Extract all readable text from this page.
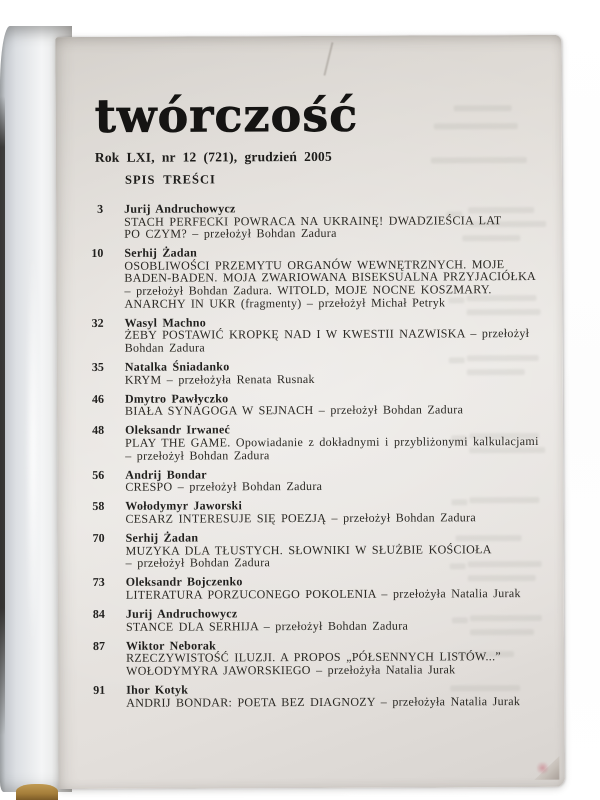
twórczość
Rok LXI, nr 12 (721), grudzień 2005
SPIS TREŚCI
3 Jurij Andruchowycz
STACH PERFECKI POWRACA NA UKRAINĘ! DWADZIEŚCIA LAT
PO CZYM? – przełożył Bohdan Zadura
10 Serhij Żadan
OSOBLIWOŚCI PRZEMYTU ORGANÓW WEWNĘTRZNYCH. MOJE
BADEN-BADEN. MOJA ZWARIOWANA BISEKSUALNA PRZYJACIÓŁKA
– przełożył Bohdan Zadura. WITOLD, MOJE NOCNE KOSZMARY.
ANARCHY IN UKR (fragmenty) – przełożył Michał Petryk
32 Wasyl Machno
ŻEBY POSTAWIĆ KROPKĘ NAD I W KWESTII NAZWISKA – przełożył
Bohdan Zadura
35 Natalka Śniadanko
KRYM – przełożyła Renata Rusnak
46 Dmytro Pawłyczko
BIAŁA SYNAGOGA W SEJNACH – przełożył Bohdan Zadura
48 Oleksandr Irwaneć
PLAY THE GAME. Opowiadanie z dokładnymi i przybliżonymi kalkulacjami
– przełożył Bohdan Zadura
56 Andrij Bondar
CRESPO – przełożył Bohdan Zadura
58 Wołodymyr Jaworski
CESARZ INTERESUJE SIĘ POEZJĄ – przełożył Bohdan Zadura
70 Serhij Żadan
MUZYKA DLA TŁUSTYCH. SŁOWNIKI W SŁUŻBIE KOŚCIOŁA
– przełożył Bohdan Zadura
73 Oleksandr Bojczenko
LITERATURA PORZUCONEGO POKOLENIA – przełożyła Natalia Jurak
84 Jurij Andruchowycz
STANCE DLA SERHIJA – przełożył Bohdan Zadura
87 Wiktor Neborak
RZECZYWISTOŚĆ ILUZJI. A PROPOS „PÓŁSENNYCH LISTÓW...”
WOŁODYMYRA JAWORSKIEGO – przełożyła Natalia Jurak
91 Ihor Kotyk
ANDRIJ BONDAR: POETA BEZ DIAGNOZY – przełożyła Natalia Jurak
